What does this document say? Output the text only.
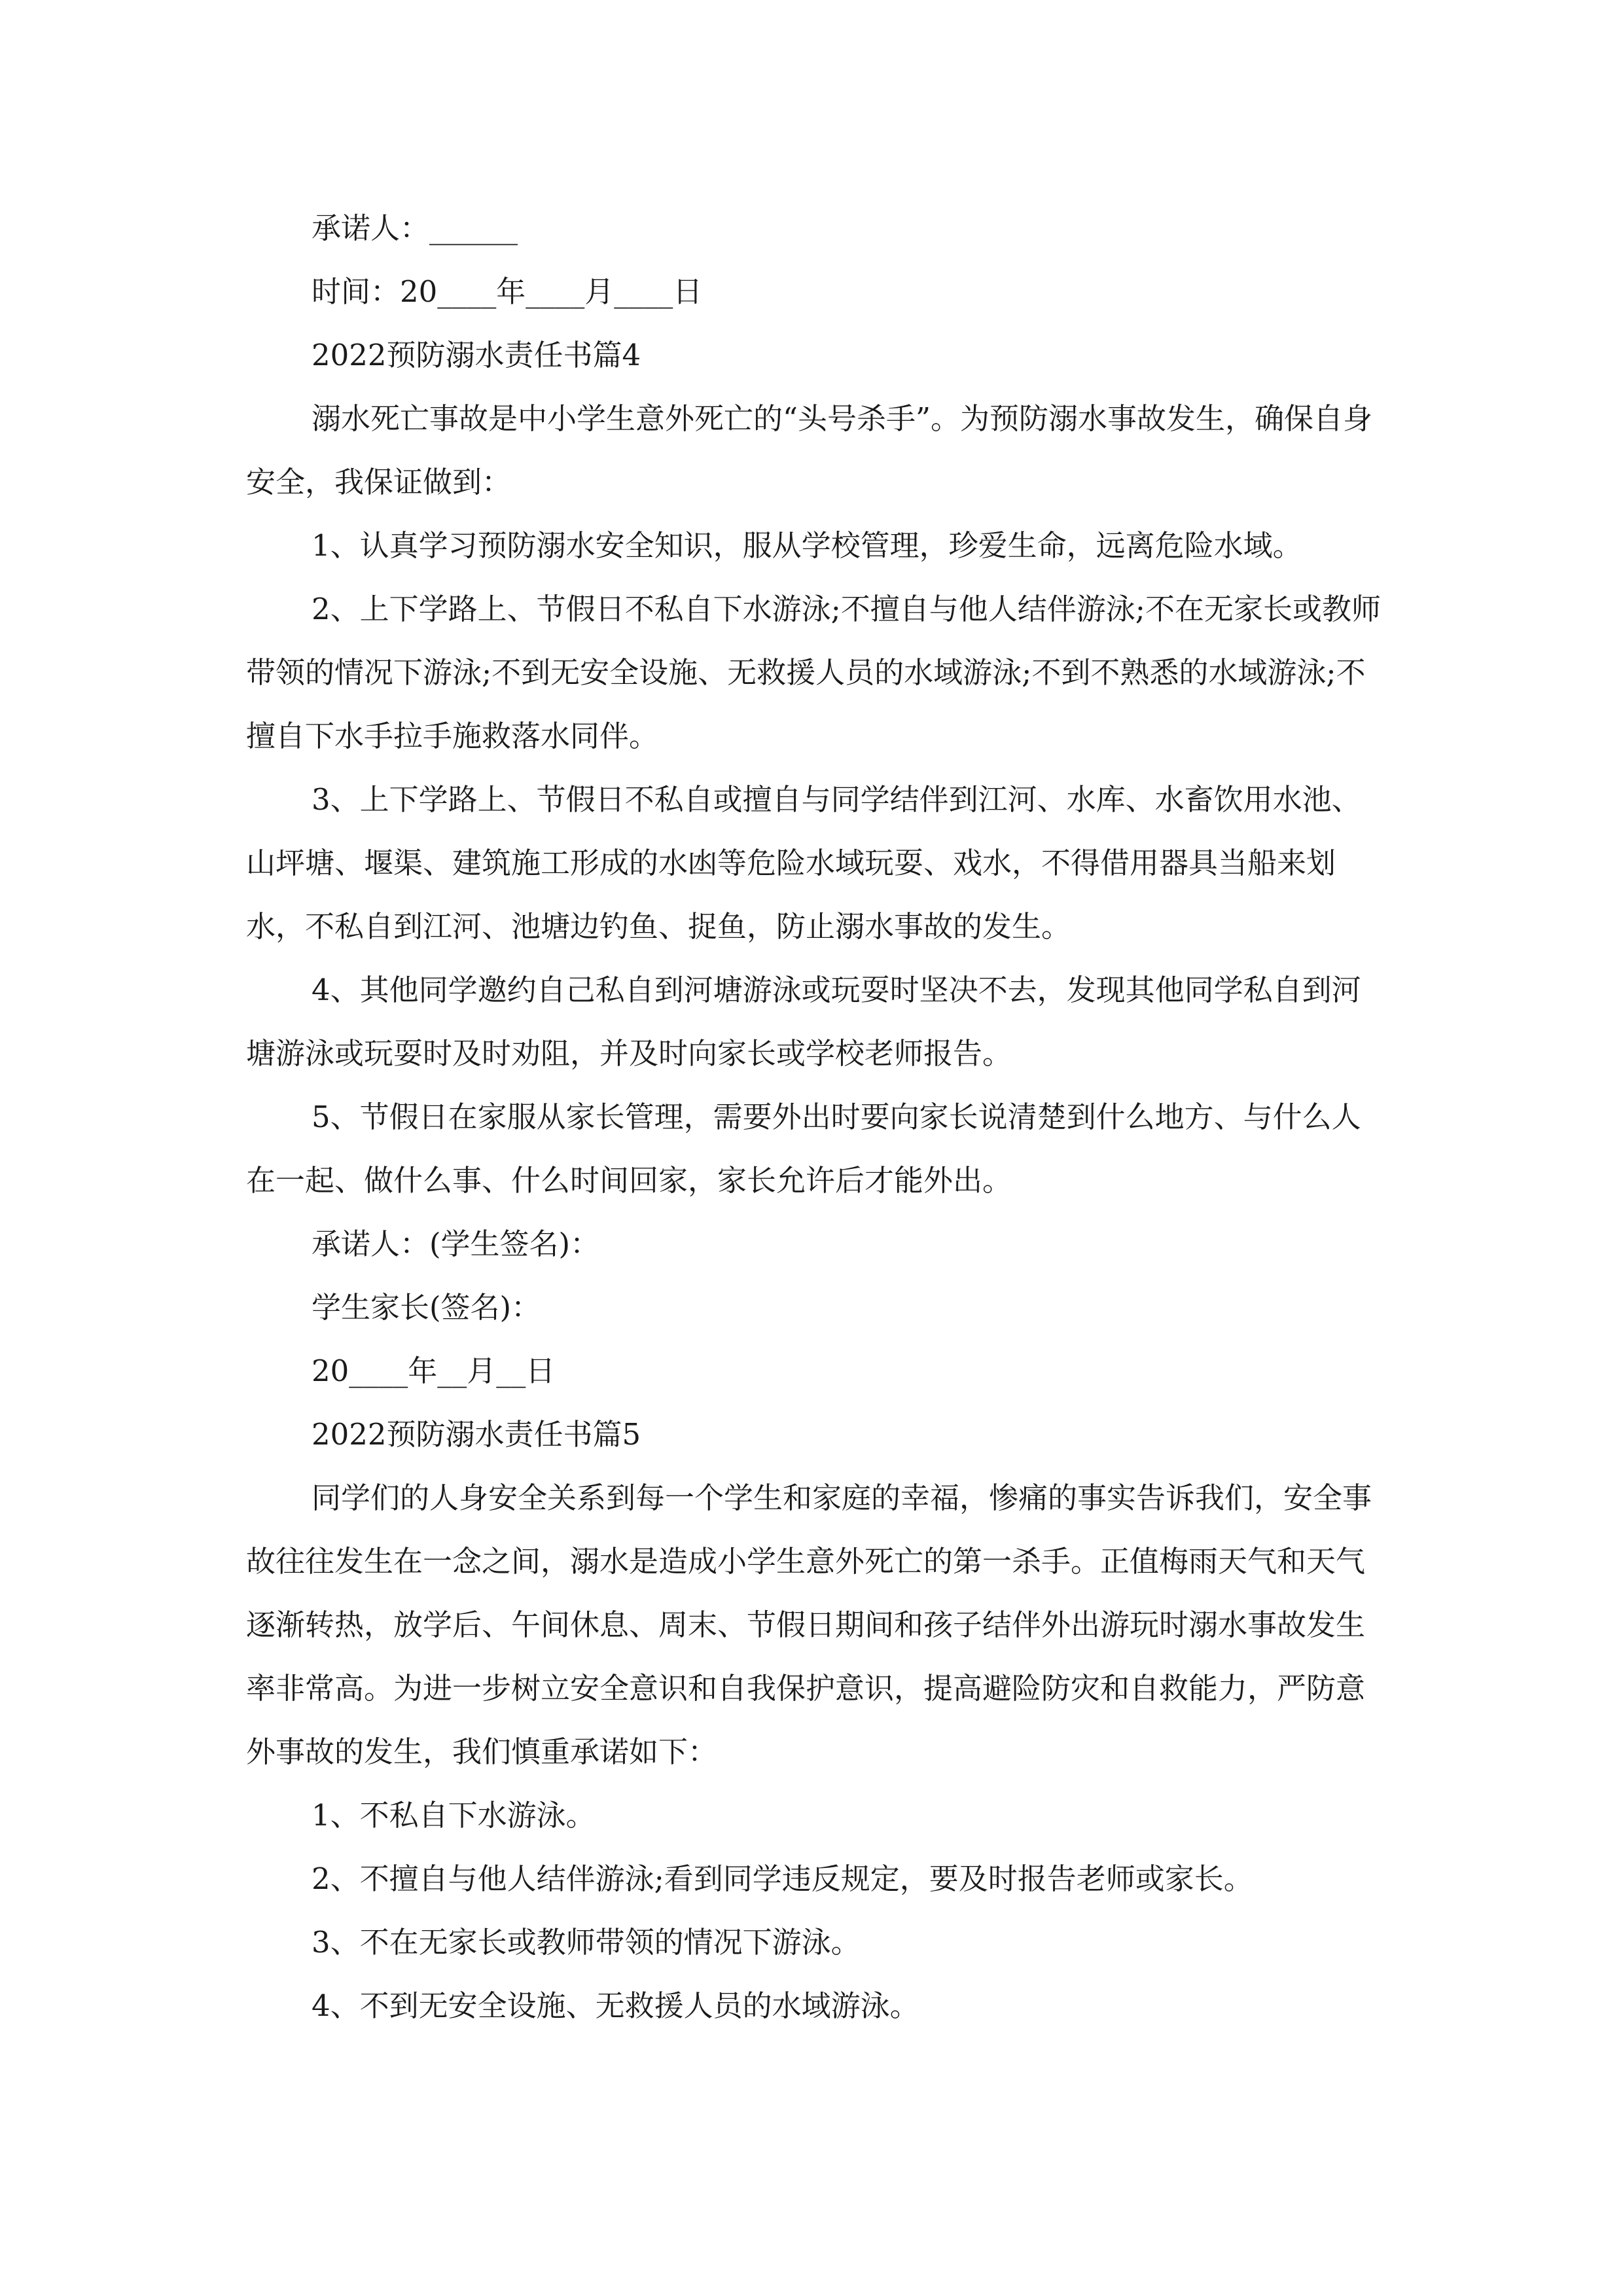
承诺人：______

时间：20____年____月____日

2022预防溺水责任书篇4

溺水死亡事故是中小学生意外死亡的“头号杀手”。为预防溺水事故发生，确保自身安全，我保证做到：

1、认真学习预防溺水安全知识，服从学校管理，珍爱生命，远离危险水域。

2、上下学路上、节假日不私自下水游泳;不擅自与他人结伴游泳;不在无家长或教师带领的情况下游泳;不到无安全设施、无救援人员的水域游泳;不到不熟悉的水域游泳;不擅自下水手拉手施救落水同伴。

3、上下学路上、节假日不私自或擅自与同学结伴到江河、水库、水畜饮用水池、山坪塘、堰渠、建筑施工形成的水凼等危险水域玩耍、戏水，不得借用器具当船来划水，不私自到江河、池塘边钓鱼、捉鱼，防止溺水事故的发生。

4、其他同学邀约自己私自到河塘游泳或玩耍时坚决不去，发现其他同学私自到河塘游泳或玩耍时及时劝阻，并及时向家长或学校老师报告。

5、节假日在家服从家长管理，需要外出时要向家长说清楚到什么地方、与什么人在一起、做什么事、什么时间回家，家长允许后才能外出。

承诺人：(学生签名)：

学生家长(签名)：

20____年__月__日

2022预防溺水责任书篇5

同学们的人身安全关系到每一个学生和家庭的幸福，惨痛的事实告诉我们，安全事故往往发生在一念之间，溺水是造成小学生意外死亡的第一杀手。正值梅雨天气和天气逐渐转热，放学后、午间休息、周末、节假日期间和孩子结伴外出游玩时溺水事故发生率非常高。为进一步树立安全意识和自我保护意识，提高避险防灾和自救能力，严防意外事故的发生，我们慎重承诺如下：

1、不私自下水游泳。

2、不擅自与他人结伴游泳;看到同学违反规定，要及时报告老师或家长。

3、不在无家长或教师带领的情况下游泳。

4、不到无安全设施、无救援人员的水域游泳。
